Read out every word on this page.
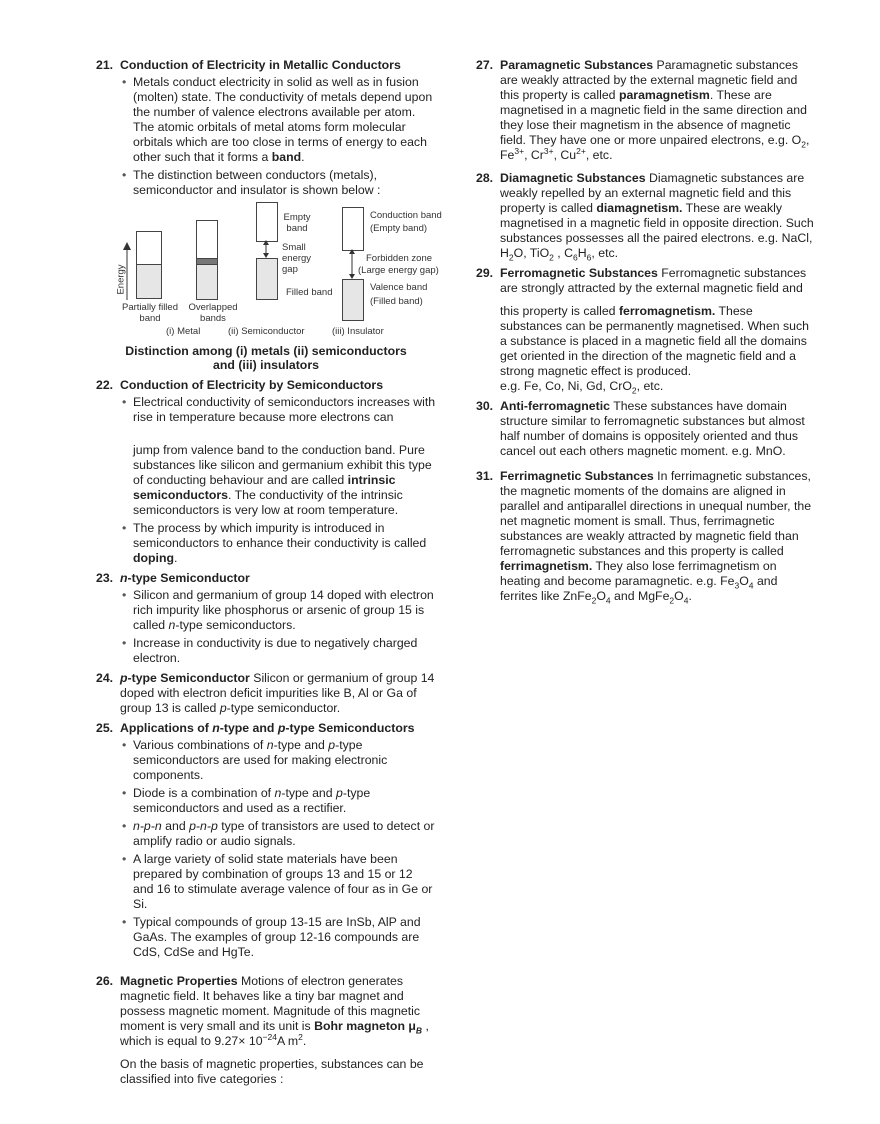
21. Conduction of Electricity in Metallic Conductors
• Metals conduct electricity in solid as well as in fusion (molten) state. The conductivity of metals depend upon the number of valence electrons available per atom. The atomic orbitals of metal atoms form molecular orbitals which are too close in terms of energy to each other such that it forms a band.
• The distinction between conductors (metals), semiconductor and insulator is shown below :
Energy
Empty band
Small energy gap
Filled band
Conduction band
(Empty band)
Forbidden zone
(Large energy gap)
Valence band
(Filled band)
Partially filled band
Overlapped bands
(i) Metal	(ii) Semiconductor	(iii) Insulator
Distinction among (i) metals (ii) semiconductors
and (iii) insulators
22. Conduction of Electricity by Semiconductors
• Electrical conductivity of semiconductors increases with rise in temperature because more electrons can
jump from valence band to the conduction band. Pure substances like silicon and germanium exhibit this type of conducting behaviour and are called intrinsic semiconductors. The conductivity of the intrinsic semiconductors is very low at room temperature.
• The process by which impurity is introduced in semiconductors to enhance their conductivity is called doping.
23. n-type Semiconductor
• Silicon and germanium of group 14 doped with electron rich impurity like phosphorus or arsenic of group 15 is called n-type semiconductors.
• Increase in conductivity is due to negatively charged electron.
24. p-type Semiconductor Silicon or germanium of group 14 doped with electron deficit impurities like B, Al or Ga of group 13 is called p-type semiconductor.
25. Applications of n-type and p-type Semiconductors
• Various combinations of n-type and p-type semiconductors are used for making electronic components.
• Diode is a combination of n-type and p-type semiconductors and used as a rectifier.
• n-p-n and p-n-p type of transistors are used to detect or amplify radio or audio signals.
• A large variety of solid state materials have been prepared by combination of groups 13 and 15 or 12 and 16 to stimulate average valence of four as in Ge or Si.
• Typical compounds of group 13-15 are InSb, AlP and GaAs. The examples of group 12-16 compounds are CdS, CdSe and HgTe.
26. Magnetic Properties Motions of electron generates magnetic field. It behaves like a tiny bar magnet and possess magnetic moment. Magnitude of this magnetic moment is very small and its unit is Bohr magneton $\mu_B$ , which is equal to $9.27\times 10^{-24}A$ $m^2$.

On the basis of magnetic properties, substances can be classified into five categories :

27. Paramagnetic Substances Paramagnetic substances are weakly attracted by the external magnetic field and this property is called paramagnetism. These are magnetised in a magnetic field in the same direction and they lose their magnetism in the absence of magnetic field. They have one or more unpaired electrons, e.g. $O_2$, $Fe^{3+}$, $Cr^{3+}$, $Cu^{2+}$, etc.
28. Diamagnetic Substances Diamagnetic substances are weakly repelled by an external magnetic field and this property is called diamagnetism. These are weakly magnetised in a magnetic field in opposite direction. Such substances possesses all the paired electrons. e.g. NaCl, $H_2O$, TiO$_2$ , $C_6H_6$, etc.
29. Ferromagnetic Substances Ferromagnetic substances are strongly attracted by the external magnetic field and
this property is called ferromagnetism. These substances can be permanently magnetised. When such a substance is placed in a magnetic field all the domains get oriented in the direction of the magnetic field and a strong magnetic effect is produced.
e.g. Fe, Co, Ni, Gd, CrO$_2$, etc.
30. Anti-ferromagnetic These substances have domain structure similar to ferromagnetic substances but almost half number of domains is oppositely oriented and thus cancel out each others magnetic moment. e.g. MnO.
31. Ferrimagnetic Substances In ferrimagnetic substances, the magnetic moments of the domains are aligned in parallel and antiparallel directions in unequal number, the net magnetic moment is small. Thus, ferrimagnetic substances are weakly attracted by magnetic field than ferromagnetic substances and this property is called ferrimagnetism. They also lose ferrimagnetism on heating and become paramagnetic. e.g. $Fe_3O_4$ and ferrites like $ZnFe_2O_4$ and $MgFe_2O_4$.
